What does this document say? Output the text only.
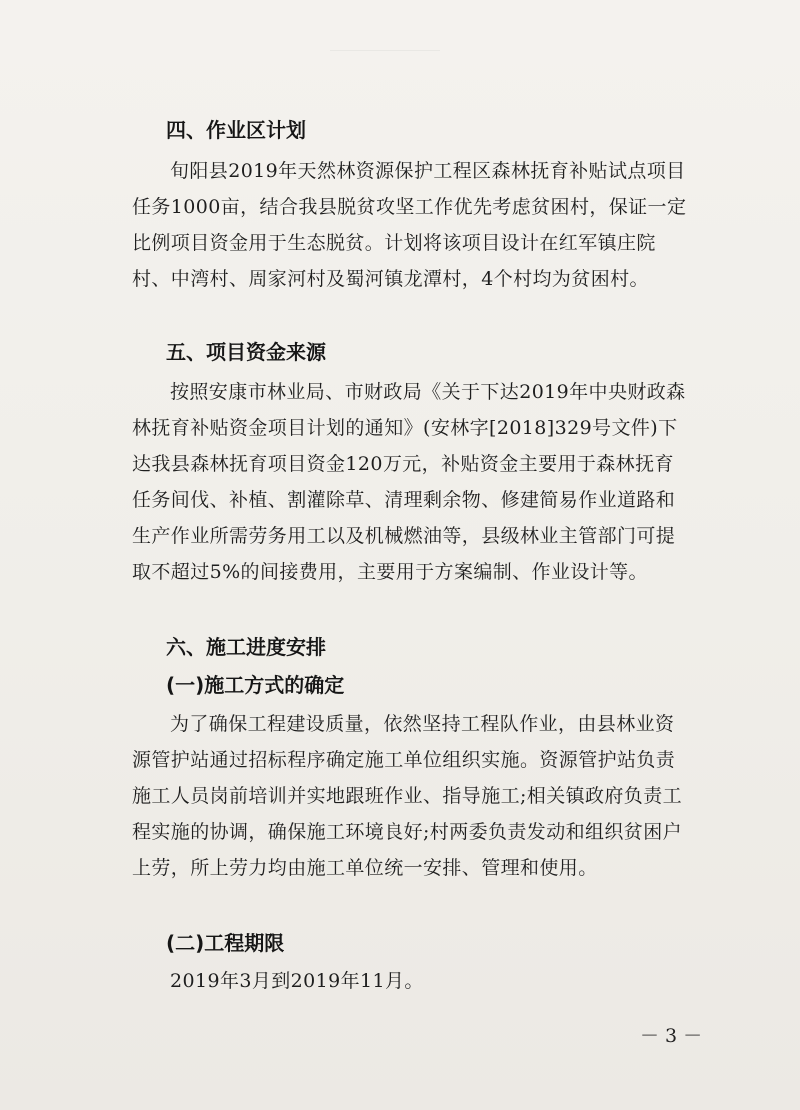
四、作业区计划

旬阳县2019年天然林资源保护工程区森林抚育补贴试点项目任务1000亩，结合我县脱贫攻坚工作优先考虑贫困村，保证一定比例项目资金用于生态脱贫。计划将该项目设计在红军镇庄院村、中湾村、周家河村及蜀河镇龙潭村，4个村均为贫困村。

五、项目资金来源

按照安康市林业局、市财政局《关于下达2019年中央财政森林抚育补贴资金项目计划的通知》(安林字[2018]329号文件)下达我县森林抚育项目资金120万元，补贴资金主要用于森林抚育任务间伐、补植、割灌除草、清理剩余物、修建简易作业道路和生产作业所需劳务用工以及机械燃油等，县级林业主管部门可提取不超过5%的间接费用，主要用于方案编制、作业设计等。

六、施工进度安排
(一)施工方式的确定

为了确保工程建设质量，依然坚持工程队作业，由县林业资源管护站通过招标程序确定施工单位组织实施。资源管护站负责施工人员岗前培训并实地跟班作业、指导施工;相关镇政府负责工程实施的协调，确保施工环境良好;村两委负责发动和组织贫困户上劳，所上劳力均由施工单位统一安排、管理和使用。

(二)工程期限

2019年3月到2019年11月。

－ 3 －
